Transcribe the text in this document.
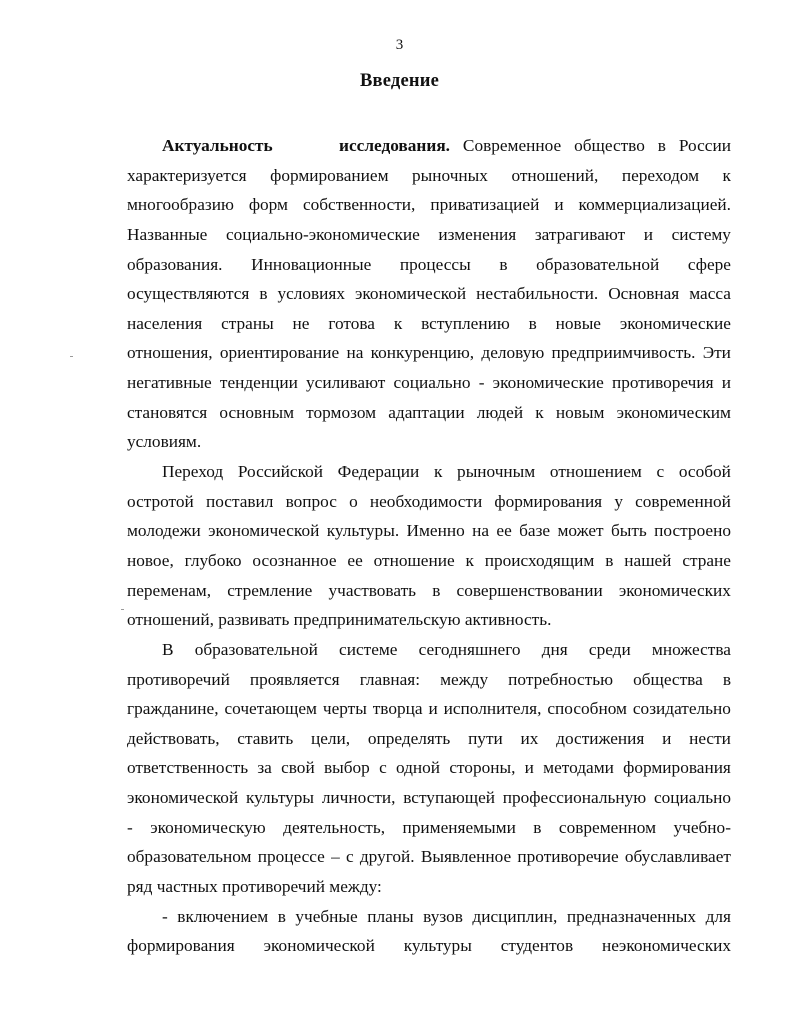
3
Введение
Актуальность	исследования. Современное общество в России
характеризуется формированием рыночных отношений, переходом к
многообразию форм собственности, приватизацией и коммерциализацией.
Названные социально-экономические изменения затрагивают и систему
образования. Инновационные процессы в образовательной сфере
осуществляются в условиях экономической нестабильности. Основная масса
населения страны не готова к вступлению в новые экономические
отношения, ориентирование на конкуренцию, деловую предприимчивость. Эти
негативные тенденции усиливают социально - экономические противоречия и
становятся основным тормозом адаптации людей к новым экономическим
условиям.
Переход Российской Федерации к рыночным отношением с особой
остротой поставил вопрос о необходимости формирования у современной
молодежи экономической культуры. Именно на ее базе может быть построено
новое, глубоко осознанное ее отношение к происходящим в нашей стране
переменам, стремление участвовать в совершенствовании экономических
отношений, развивать предпринимательскую активность.
В образовательной системе сегодняшнего дня среди множества
противоречий проявляется главная: между потребностью общества в
гражданине, сочетающем черты творца и исполнителя, способном созидательно
действовать, ставить цели, определять пути их достижения и нести
ответственность за свой выбор с одной стороны, и методами формирования
экономической культуры личности, вступающей профессиональную социально
- экономическую деятельность, применяемыми в современном учебно-
образовательном процессе – с другой. Выявленное противоречие обуславливает
ряд частных противоречий между:
- включением в учебные планы вузов дисциплин, предназначенных для
формирования экономической культуры студентов неэкономических
